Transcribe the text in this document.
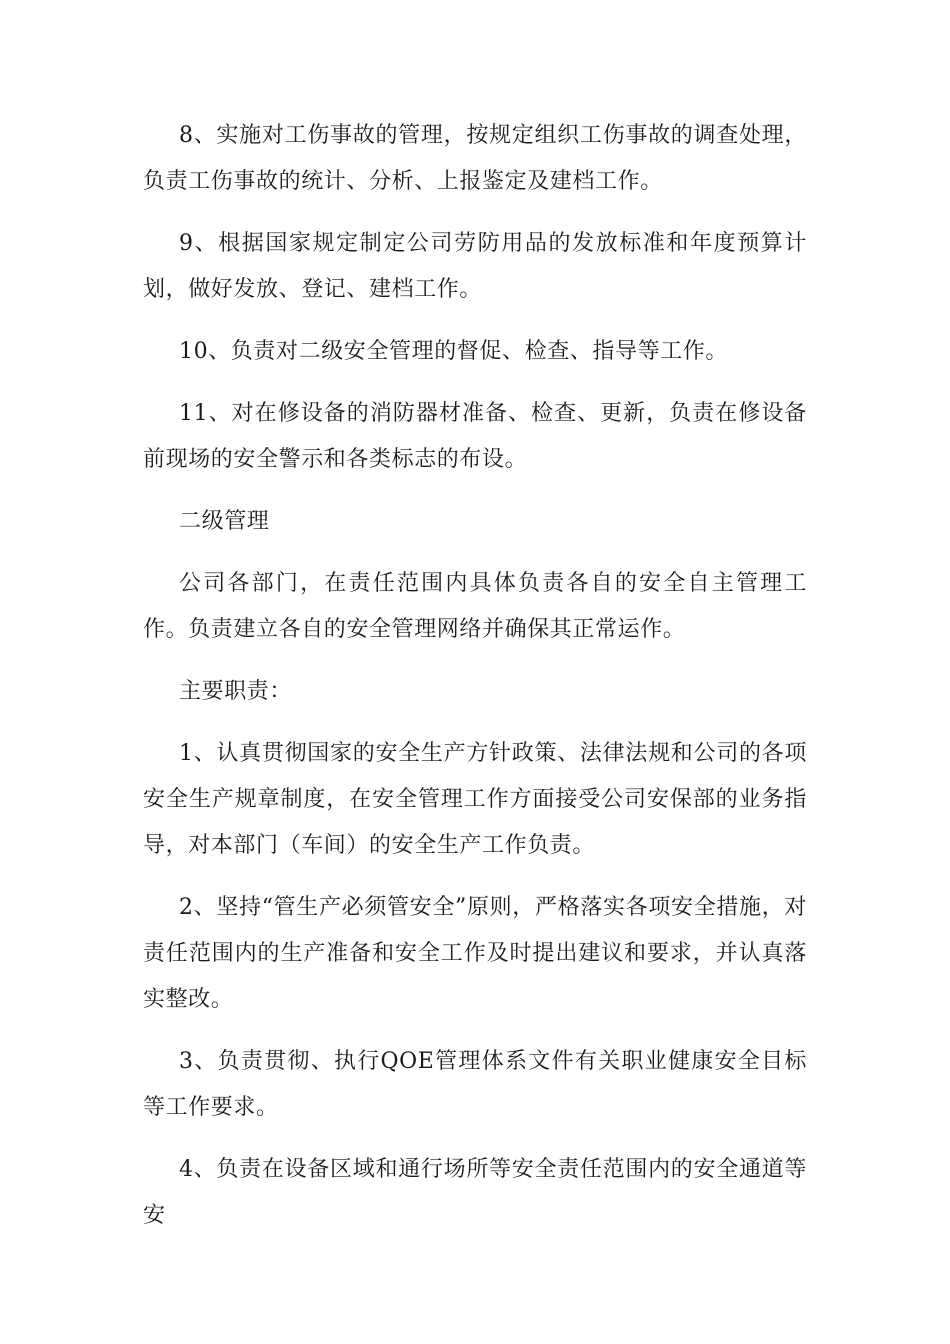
8、实施对工伤事故的管理，按规定组织工伤事故的调查处理，负责工伤事故的统计、分析、上报鉴定及建档工作。

9、根据国家规定制定公司劳防用品的发放标准和年度预算计划，做好发放、登记、建档工作。

10、负责对二级安全管理的督促、检查、指导等工作。

11、对在修设备的消防器材准备、检查、更新，负责在修设备前现场的安全警示和各类标志的布设。

二级管理

公司各部门，在责任范围内具体负责各自的安全自主管理工作。负责建立各自的安全管理网络并确保其正常运作。

主要职责：

1、认真贯彻国家的安全生产方针政策、法律法规和公司的各项安全生产规章制度，在安全管理工作方面接受公司安保部的业务指导，对本部门（车间）的安全生产工作负责。

2、坚持“管生产必须管安全”原则，严格落实各项安全措施，对责任范围内的生产准备和安全工作及时提出建议和要求，并认真落实整改。

3、负责贯彻、执行QOE管理体系文件有关职业健康安全目标等工作要求。

4、负责在设备区域和通行场所等安全责任范围内的安全通道等安
